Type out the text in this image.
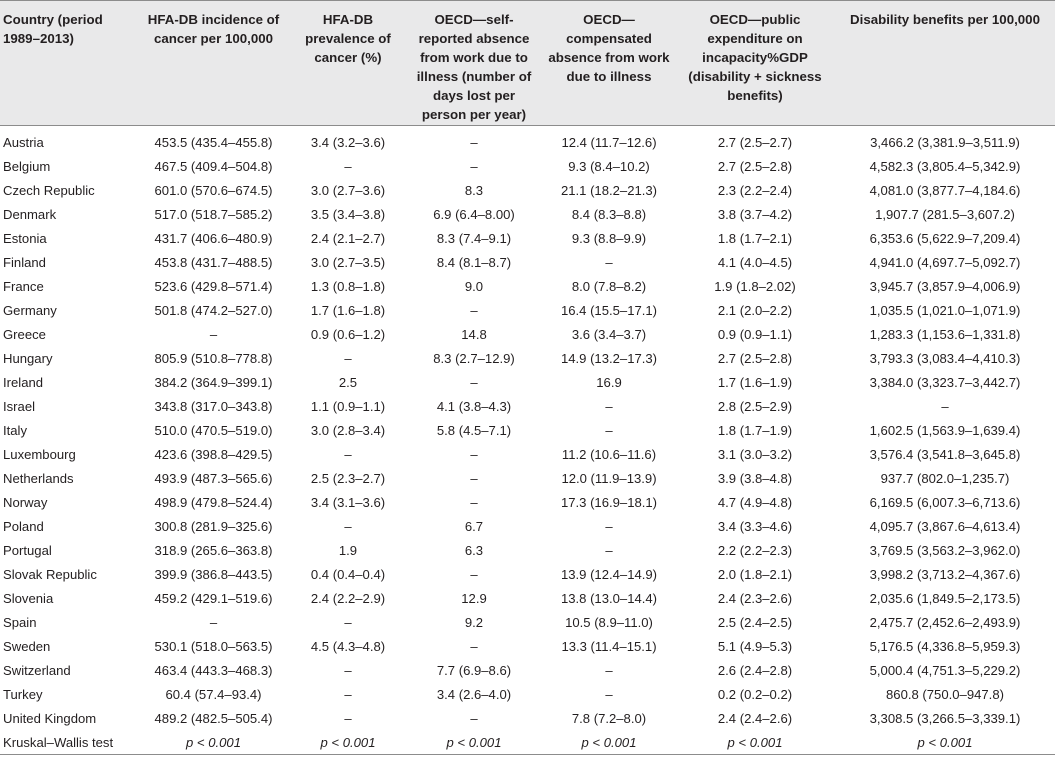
Country (period 1989–2013)	HFA-DB incidence of cancer per 100,000	HFA-DB prevalence of cancer (%)	OECD—self-reported absence from work due to illness (number of days lost per person per year)	OECD—compensated absence from work due to illness	OECD—public expenditure on incapacity%GDP (disability + sickness benefits)	Disability benefits per 100,000

Austria	453.5 (435.4–455.8)	3.4 (3.2–3.6)	–	12.4 (11.7–12.6)	2.7 (2.5–2.7)	3,466.2 (3,381.9–3,511.9)
Belgium	467.5 (409.4–504.8)	–	–	9.3 (8.4–10.2)	2.7 (2.5–2.8)	4,582.3 (3,805.4–5,342.9)
Czech Republic	601.0 (570.6–674.5)	3.0 (2.7–3.6)	8.3	21.1 (18.2–21.3)	2.3 (2.2–2.4)	4,081.0 (3,877.7–4,184.6)
Denmark	517.0 (518.7–585.2)	3.5 (3.4–3.8)	6.9 (6.4–8.00)	8.4 (8.3–8.8)	3.8 (3.7–4.2)	1,907.7 (281.5–3,607.2)
Estonia	431.7 (406.6–480.9)	2.4 (2.1–2.7)	8.3 (7.4–9.1)	9.3 (8.8–9.9)	1.8 (1.7–2.1)	6,353.6 (5,622.9–7,209.4)
Finland	453.8 (431.7–488.5)	3.0 (2.7–3.5)	8.4 (8.1–8.7)	–	4.1 (4.0–4.5)	4,941.0 (4,697.7–5,092.7)
France	523.6 (429.8–571.4)	1.3 (0.8–1.8)	9.0	8.0 (7.8–8.2)	1.9 (1.8–2.02)	3,945.7 (3,857.9–4,006.9)
Germany	501.8 (474.2–527.0)	1.7 (1.6–1.8)	–	16.4 (15.5–17.1)	2.1 (2.0–2.2)	1,035.5 (1,021.0–1,071.9)
Greece	–	0.9 (0.6–1.2)	14.8	3.6 (3.4–3.7)	0.9 (0.9–1.1)	1,283.3 (1,153.6–1,331.8)
Hungary	805.9 (510.8–778.8)	–	8.3 (2.7–12.9)	14.9 (13.2–17.3)	2.7 (2.5–2.8)	3,793.3 (3,083.4–4,410.3)
Ireland	384.2 (364.9–399.1)	2.5	–	16.9	1.7 (1.6–1.9)	3,384.0 (3,323.7–3,442.7)
Israel	343.8 (317.0–343.8)	1.1 (0.9–1.1)	4.1 (3.8–4.3)	–	2.8 (2.5–2.9)	–
Italy	510.0 (470.5–519.0)	3.0 (2.8–3.4)	5.8 (4.5–7.1)	–	1.8 (1.7–1.9)	1,602.5 (1,563.9–1,639.4)
Luxembourg	423.6 (398.8–429.5)	–	–	11.2 (10.6–11.6)	3.1 (3.0–3.2)	3,576.4 (3,541.8–3,645.8)
Netherlands	493.9 (487.3–565.6)	2.5 (2.3–2.7)	–	12.0 (11.9–13.9)	3.9 (3.8–4.8)	937.7 (802.0–1,235.7)
Norway	498.9 (479.8–524.4)	3.4 (3.1–3.6)	–	17.3 (16.9–18.1)	4.7 (4.9–4.8)	6,169.5 (6,007.3–6,713.6)
Poland	300.8 (281.9–325.6)	–	6.7	–	3.4 (3.3–4.6)	4,095.7 (3,867.6–4,613.4)
Portugal	318.9 (265.6–363.8)	1.9	6.3	–	2.2 (2.2–2.3)	3,769.5 (3,563.2–3,962.0)
Slovak Republic	399.9 (386.8–443.5)	0.4 (0.4–0.4)	–	13.9 (12.4–14.9)	2.0 (1.8–2.1)	3,998.2 (3,713.2–4,367.6)
Slovenia	459.2 (429.1–519.6)	2.4 (2.2–2.9)	12.9	13.8 (13.0–14.4)	2.4 (2.3–2.6)	2,035.6 (1,849.5–2,173.5)
Spain	–	–	9.2	10.5 (8.9–11.0)	2.5 (2.4–2.5)	2,475.7 (2,452.6–2,493.9)
Sweden	530.1 (518.0–563.5)	4.5 (4.3–4.8)	–	13.3 (11.4–15.1)	5.1 (4.9–5.3)	5,176.5 (4,336.8–5,959.3)
Switzerland	463.4 (443.3–468.3)	–	7.7 (6.9–8.6)	–	2.6 (2.4–2.8)	5,000.4 (4,751.3–5,229.2)
Turkey	60.4 (57.4–93.4)	–	3.4 (2.6–4.0)	–	0.2 (0.2–0.2)	860.8 (750.0–947.8)
United Kingdom	489.2 (482.5–505.4)	–	–	7.8 (7.2–8.0)	2.4 (2.4–2.6)	3,308.5 (3,266.5–3,339.1)
Kruskal–Wallis test	p < 0.001	p < 0.001	p < 0.001	p < 0.001	p < 0.001	p < 0.001
